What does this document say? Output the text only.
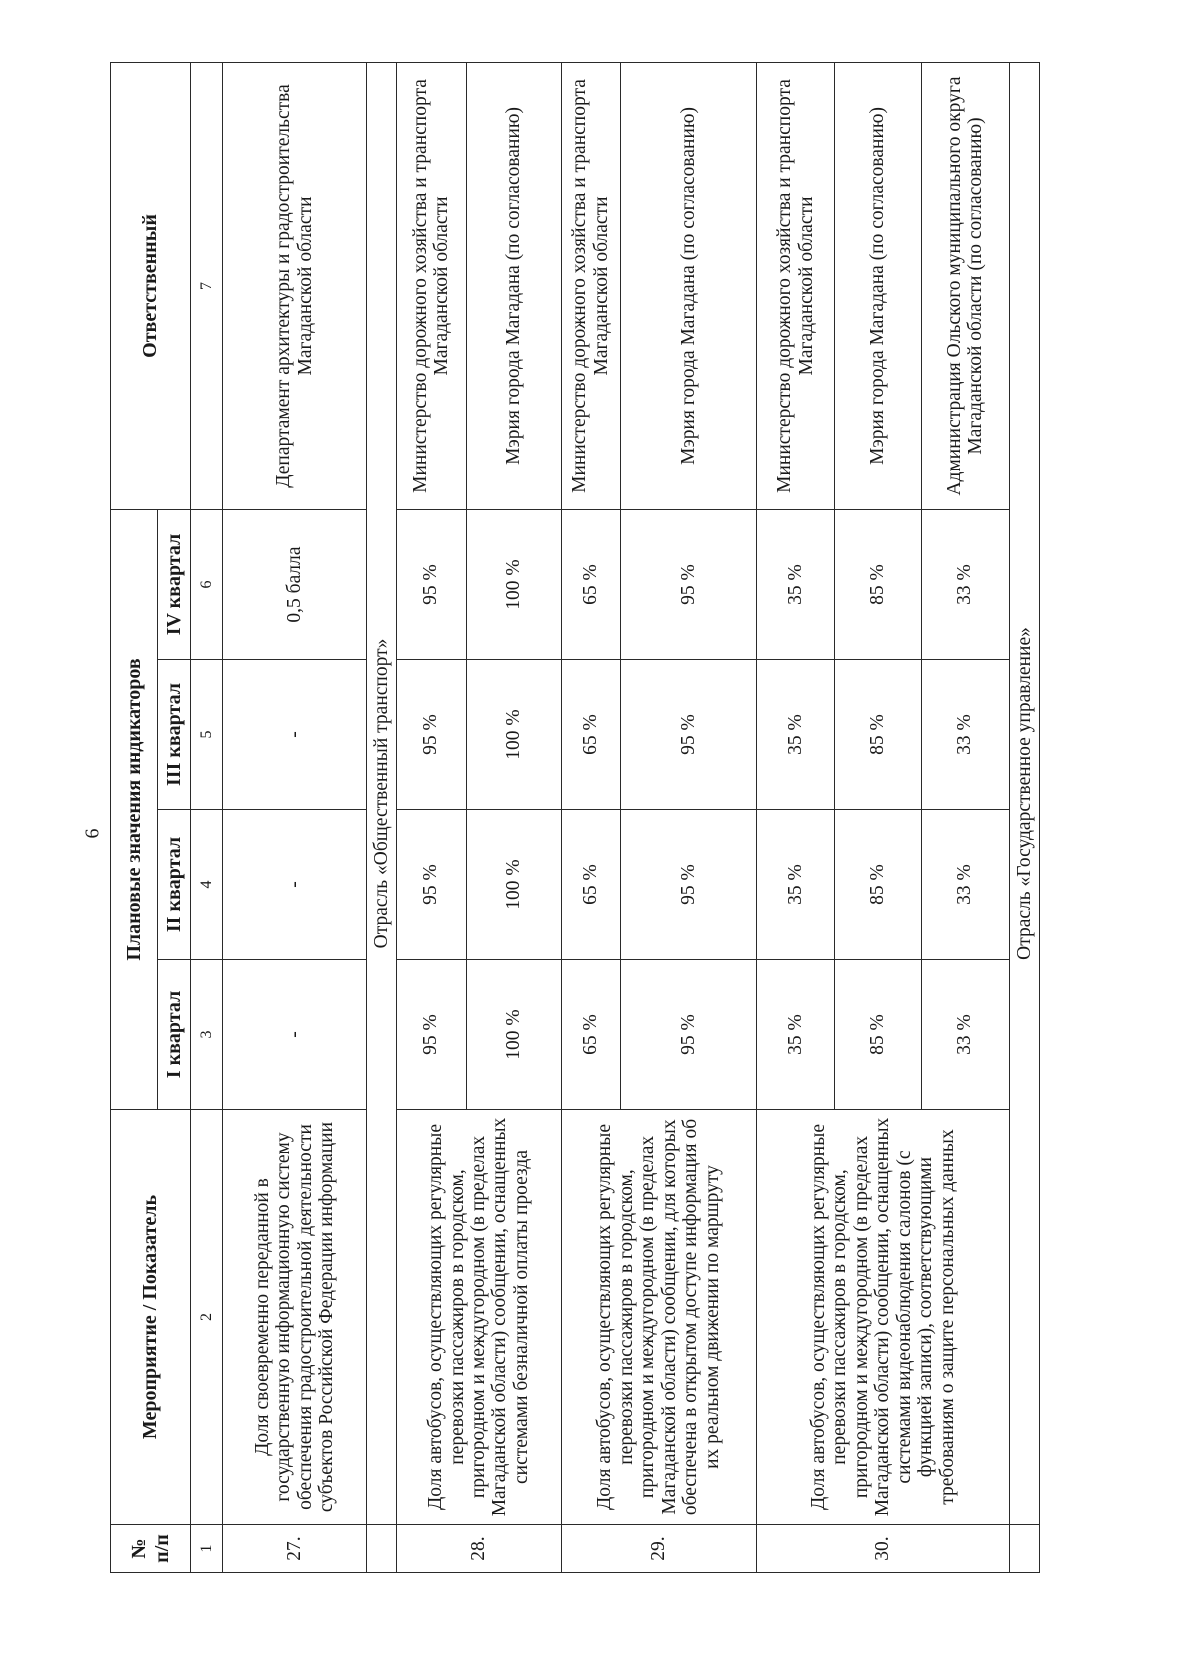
6
№ п/п	Мероприятие / Показатель	Плановые значения индикаторов				Ответственный
		I квартал	II квартал	III квартал	IV квартал	
1	2	3	4	5	6	7
27.	Доля своевременно переданной в государственную информационную систему обеспечения градостроительной деятельности субъектов Российской Федерации информации	-	-	-	0,5 балла	Департамент архитектуры и градостроительства Магаданской области
	Отрасль «Общественный транспорт»					
28.	Доля автобусов, осуществляющих регулярные перевозки пассажиров в городском, пригородном и междугородном (в пределах Магаданской области) сообщении, оснащенных системами безналичной оплаты проезда	95 %	95 %	95 %	95 %	Министерство дорожного хозяйства и транспорта Магаданской области
		100 %	100 %	100 %	100 %	Мэрия города Магадана (по согласованию)
29.	Доля автобусов, осуществляющих регулярные перевозки пассажиров в городском, пригородном и междугородном (в пределах Магаданской области) сообщении, для которых обеспечена в открытом доступе информация об их реальном движении по маршруту	65 %	65 %	65 %	65 %	Министерство дорожного хозяйства и транспорта Магаданской области
		95 %	95 %	95 %	95 %	Мэрия города Магадана (по согласованию)
30.	Доля автобусов, осуществляющих регулярные перевозки пассажиров в городском, пригородном и междугородном (в пределах Магаданской области) сообщении, оснащенных системами видеонаблюдения салонов (с функцией записи), соответствующими требованиям о защите персональных данных	35 %	35 %	35 %	35 %	Министерство дорожного хозяйства и транспорта Магаданской области
		85 %	85 %	85 %	85 %	Мэрия города Магадана (по согласованию)
		33 %	33 %	33 %	33 %	Администрация Ольского муниципального округа Магаданской области (по согласованию)
	Отрасль «Государственное управление»					
